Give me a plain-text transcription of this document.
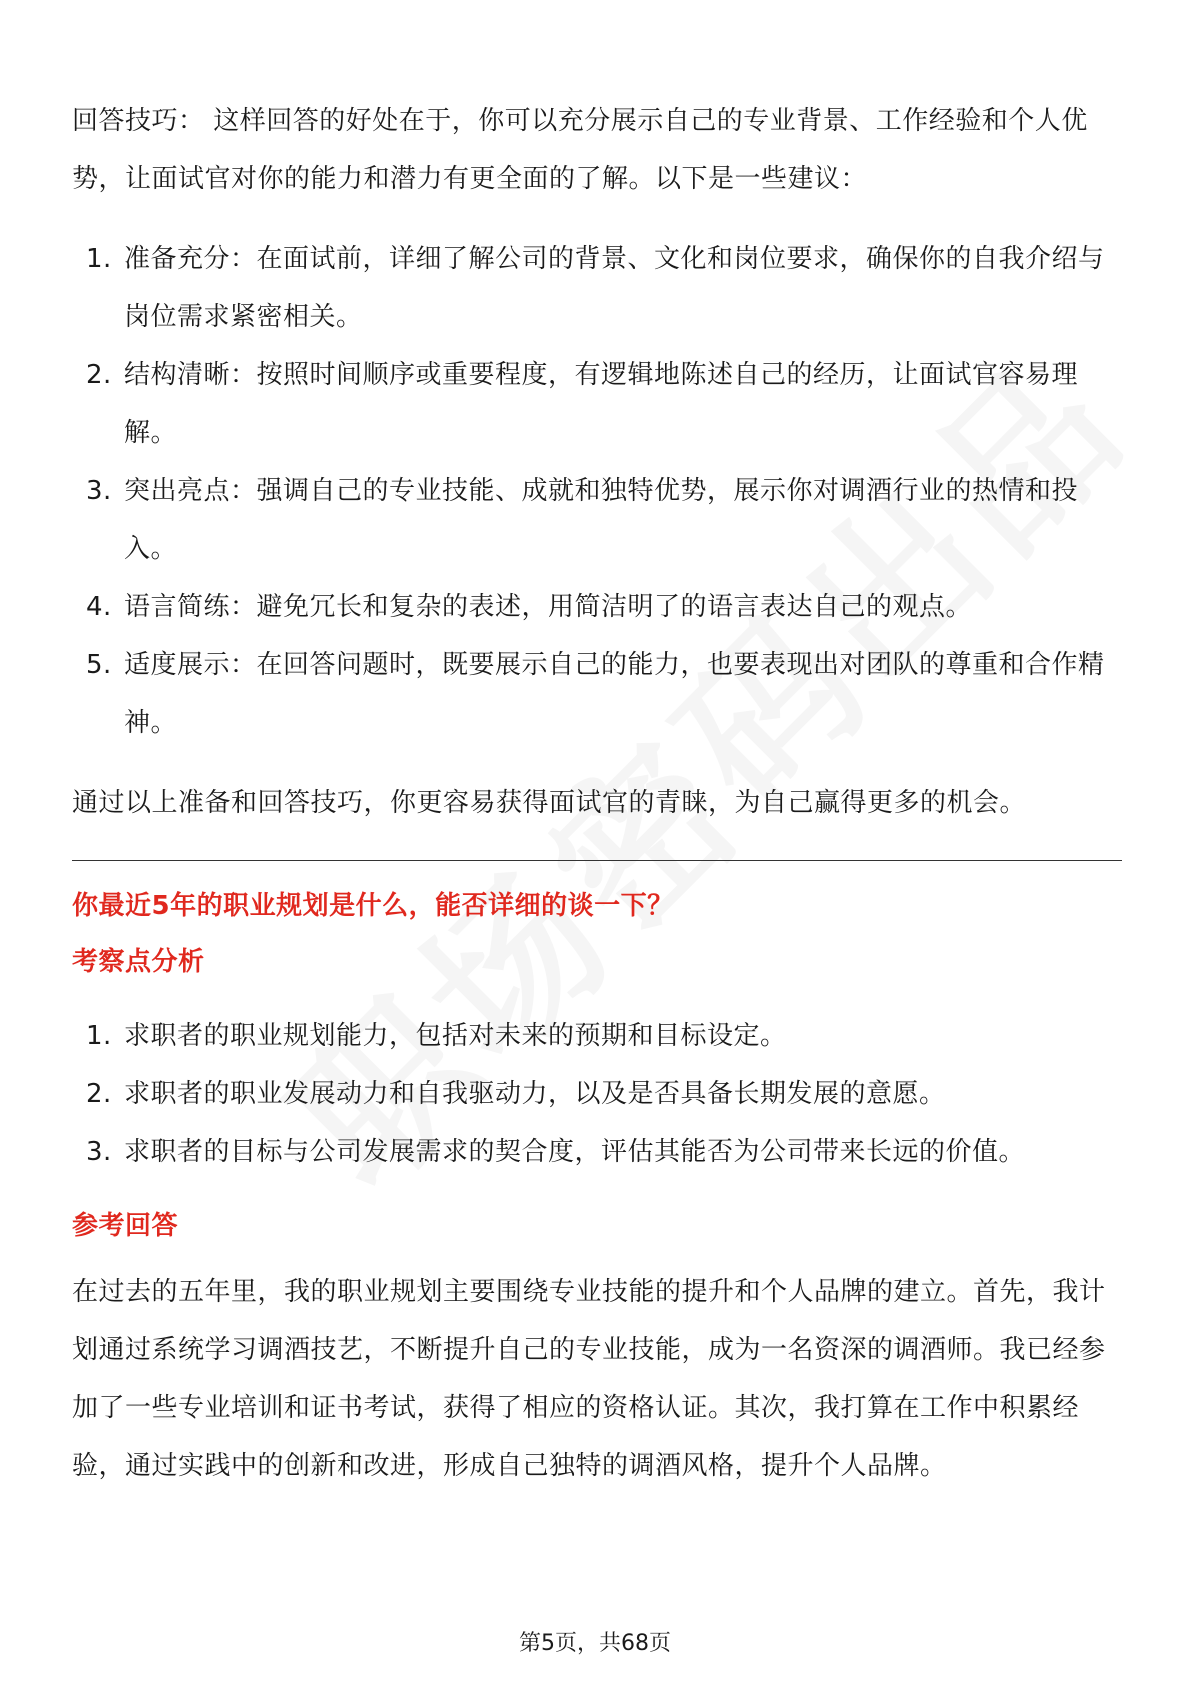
回答技巧： 这样回答的好处在于，你可以充分展示自己的专业背景、工作经验和个人优势，让面试官对你的能力和潜力有更全面的了解。以下是一些建议：

1. 准备充分：在面试前，详细了解公司的背景、文化和岗位要求，确保你的自我介绍与岗位需求紧密相关。
2. 结构清晰：按照时间顺序或重要程度，有逻辑地陈述自己的经历，让面试官容易理解。
3. 突出亮点：强调自己的专业技能、成就和独特优势，展示你对调酒行业的热情和投入。
4. 语言简练：避免冗长和复杂的表述，用简洁明了的语言表达自己的观点。
5. 适度展示：在回答问题时，既要展示自己的能力，也要表现出对团队的尊重和合作精神。

通过以上准备和回答技巧，你更容易获得面试官的青睐，为自己赢得更多的机会。

你最近5年的职业规划是什么，能否详细的谈一下？

考察点分析

1. 求职者的职业规划能力，包括对未来的预期和目标设定。
2. 求职者的职业发展动力和自我驱动力，以及是否具备长期发展的意愿。
3. 求职者的目标与公司发展需求的契合度，评估其能否为公司带来长远的价值。

参考回答

在过去的五年里，我的职业规划主要围绕专业技能的提升和个人品牌的建立。首先，我计划通过系统学习调酒技艺，不断提升自己的专业技能，成为一名资深的调酒师。我已经参加了一些专业培训和证书考试，获得了相应的资格认证。其次，我打算在工作中积累经验，通过实践中的创新和改进，形成自己独特的调酒风格，提升个人品牌。

第5页，共68页
